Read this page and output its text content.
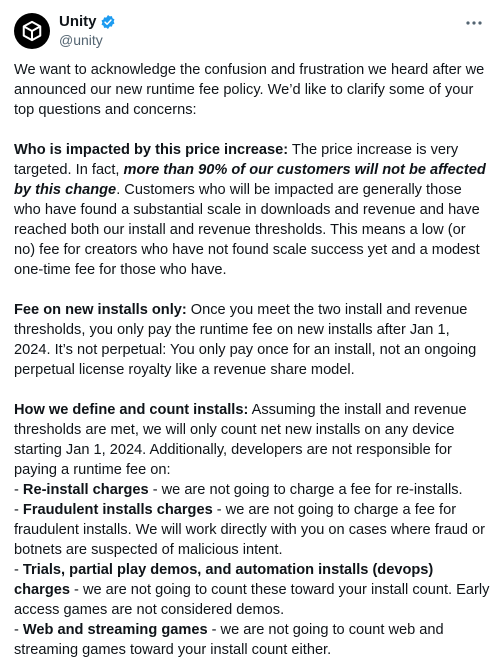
Unity
@unity

We want to acknowledge the confusion and frustration we heard after we announced our new runtime fee policy. We’d like to clarify some of your top questions and concerns:

Who is impacted by this price increase: The price increase is very targeted. In fact, more than 90% of our customers will not be affected by this change. Customers who will be impacted are generally those who have found a substantial scale in downloads and revenue and have reached both our install and revenue thresholds. This means a low (or no) fee for creators who have not found scale success yet and a modest one-time fee for those who have.

Fee on new installs only: Once you meet the two install and revenue thresholds, you only pay the runtime fee on new installs after Jan 1, 2024. It’s not perpetual: You only pay once for an install, not an ongoing perpetual license royalty like a revenue share model.

How we define and count installs: Assuming the install and revenue thresholds are met, we will only count net new installs on any device starting Jan 1, 2024. Additionally, developers are not responsible for paying a runtime fee on:

- Re-install charges - we are not going to charge a fee for re-installs.

- Fraudulent installs charges - we are not going to charge a fee for fraudulent installs. We will work directly with you on cases where fraud or botnets are suspected of malicious intent.

- Trials, partial play demos, and automation installs (devops) charges - we are not going to count these toward your install count. Early access games are not considered demos.

- Web and streaming games - we are not going to count web and streaming games toward your install count either.
